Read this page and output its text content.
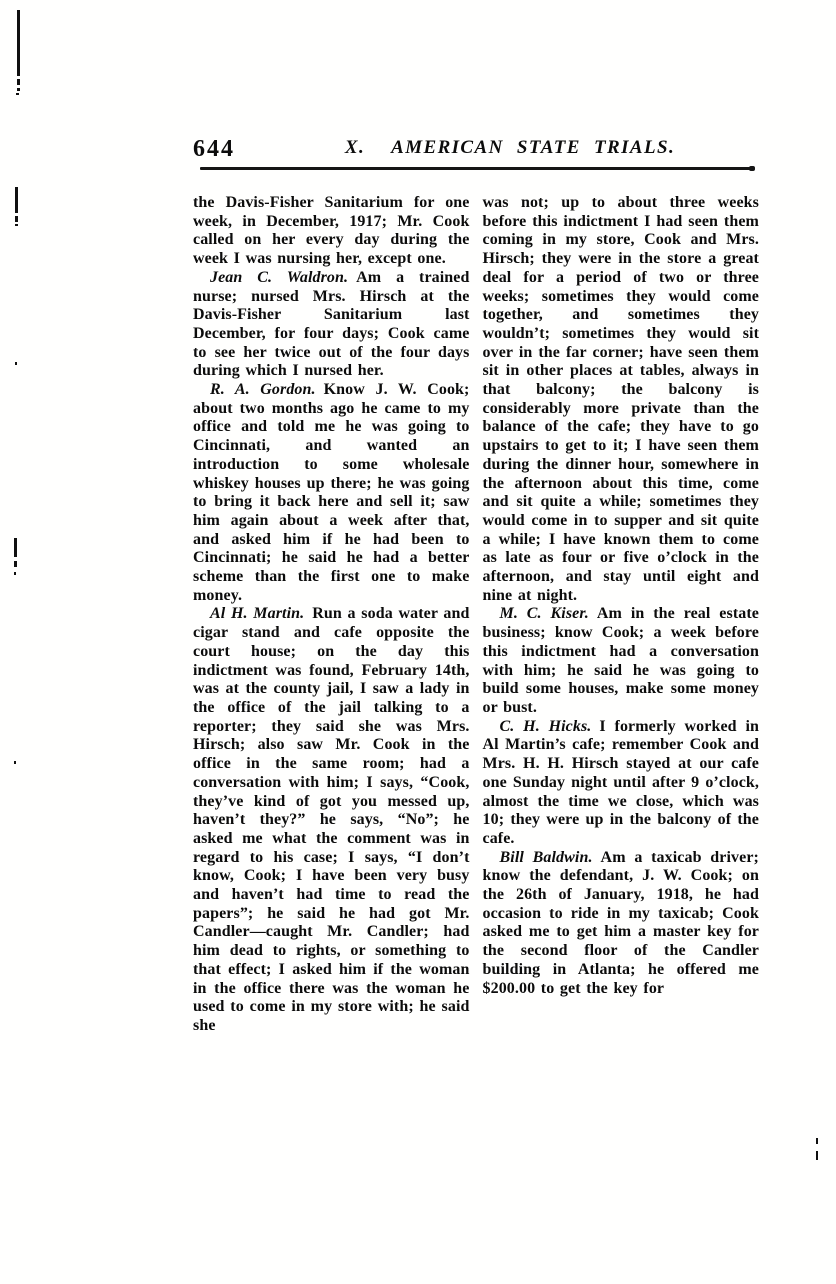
644	X. AMERICAN STATE TRIALS.

the Davis-Fisher Sanitarium for one week, in December, 1917; Mr. Cook called on her every day during the week I was nursing her, except one.

Jean C. Waldron. Am a trained nurse; nursed Mrs. Hirsch at the Davis-Fisher Sanitarium last December, for four days; Cook came to see her twice out of the four days during which I nursed her.

R. A. Gordon. Know J. W. Cook; about two months ago he came to my office and told me he was going to Cincinnati, and wanted an introduction to some wholesale whiskey houses up there; he was going to bring it back here and sell it; saw him again about a week after that, and asked him if he had been to Cincinnati; he said he had a better scheme than the first one to make money.

Al H. Martin. Run a soda water and cigar stand and cafe opposite the court house; on the day this indictment was found, February 14th, was at the county jail, I saw a lady in the office of the jail talking to a reporter; they said she was Mrs. Hirsch; also saw Mr. Cook in the office in the same room; had a conversation with him; I says, “Cook, they’ve kind of got you messed up, haven’t they?” he says, “No”; he asked me what the comment was in regard to his case; I says, “I don’t know, Cook; I have been very busy and haven’t had time to read the papers”; he said he had got Mr. Candler—caught Mr. Candler; had him dead to rights, or something to that effect; I asked him if the woman in the office there was the woman he used to come in my store with; he said she

was not; up to about three weeks before this indictment I had seen them coming in my store, Cook and Mrs. Hirsch; they were in the store a great deal for a period of two or three weeks; sometimes they would come together, and sometimes they wouldn’t; sometimes they would sit over in the far corner; have seen them sit in other places at tables, always in that balcony; the balcony is considerably more private than the balance of the cafe; they have to go upstairs to get to it; I have seen them during the dinner hour, somewhere in the afternoon about this time, come and sit quite a while; sometimes they would come in to supper and sit quite a while; I have known them to come as late as four or five o’clock in the afternoon, and stay until eight and nine at night.

M. C. Kiser. Am in the real estate business; know Cook; a week before this indictment had a conversation with him; he said he was going to build some houses, make some money or bust.

C. H. Hicks. I formerly worked in Al Martin’s cafe; remember Cook and Mrs. H. H. Hirsch stayed at our cafe one Sunday night until after 9 o’clock, almost the time we close, which was 10; they were up in the balcony of the cafe.

Bill Baldwin. Am a taxicab driver; know the defendant, J. W. Cook; on the 26th of January, 1918, he had occasion to ride in my taxicab; Cook asked me to get him a master key for the second floor of the Candler building in Atlanta; he offered me $200.00 to get the key for
